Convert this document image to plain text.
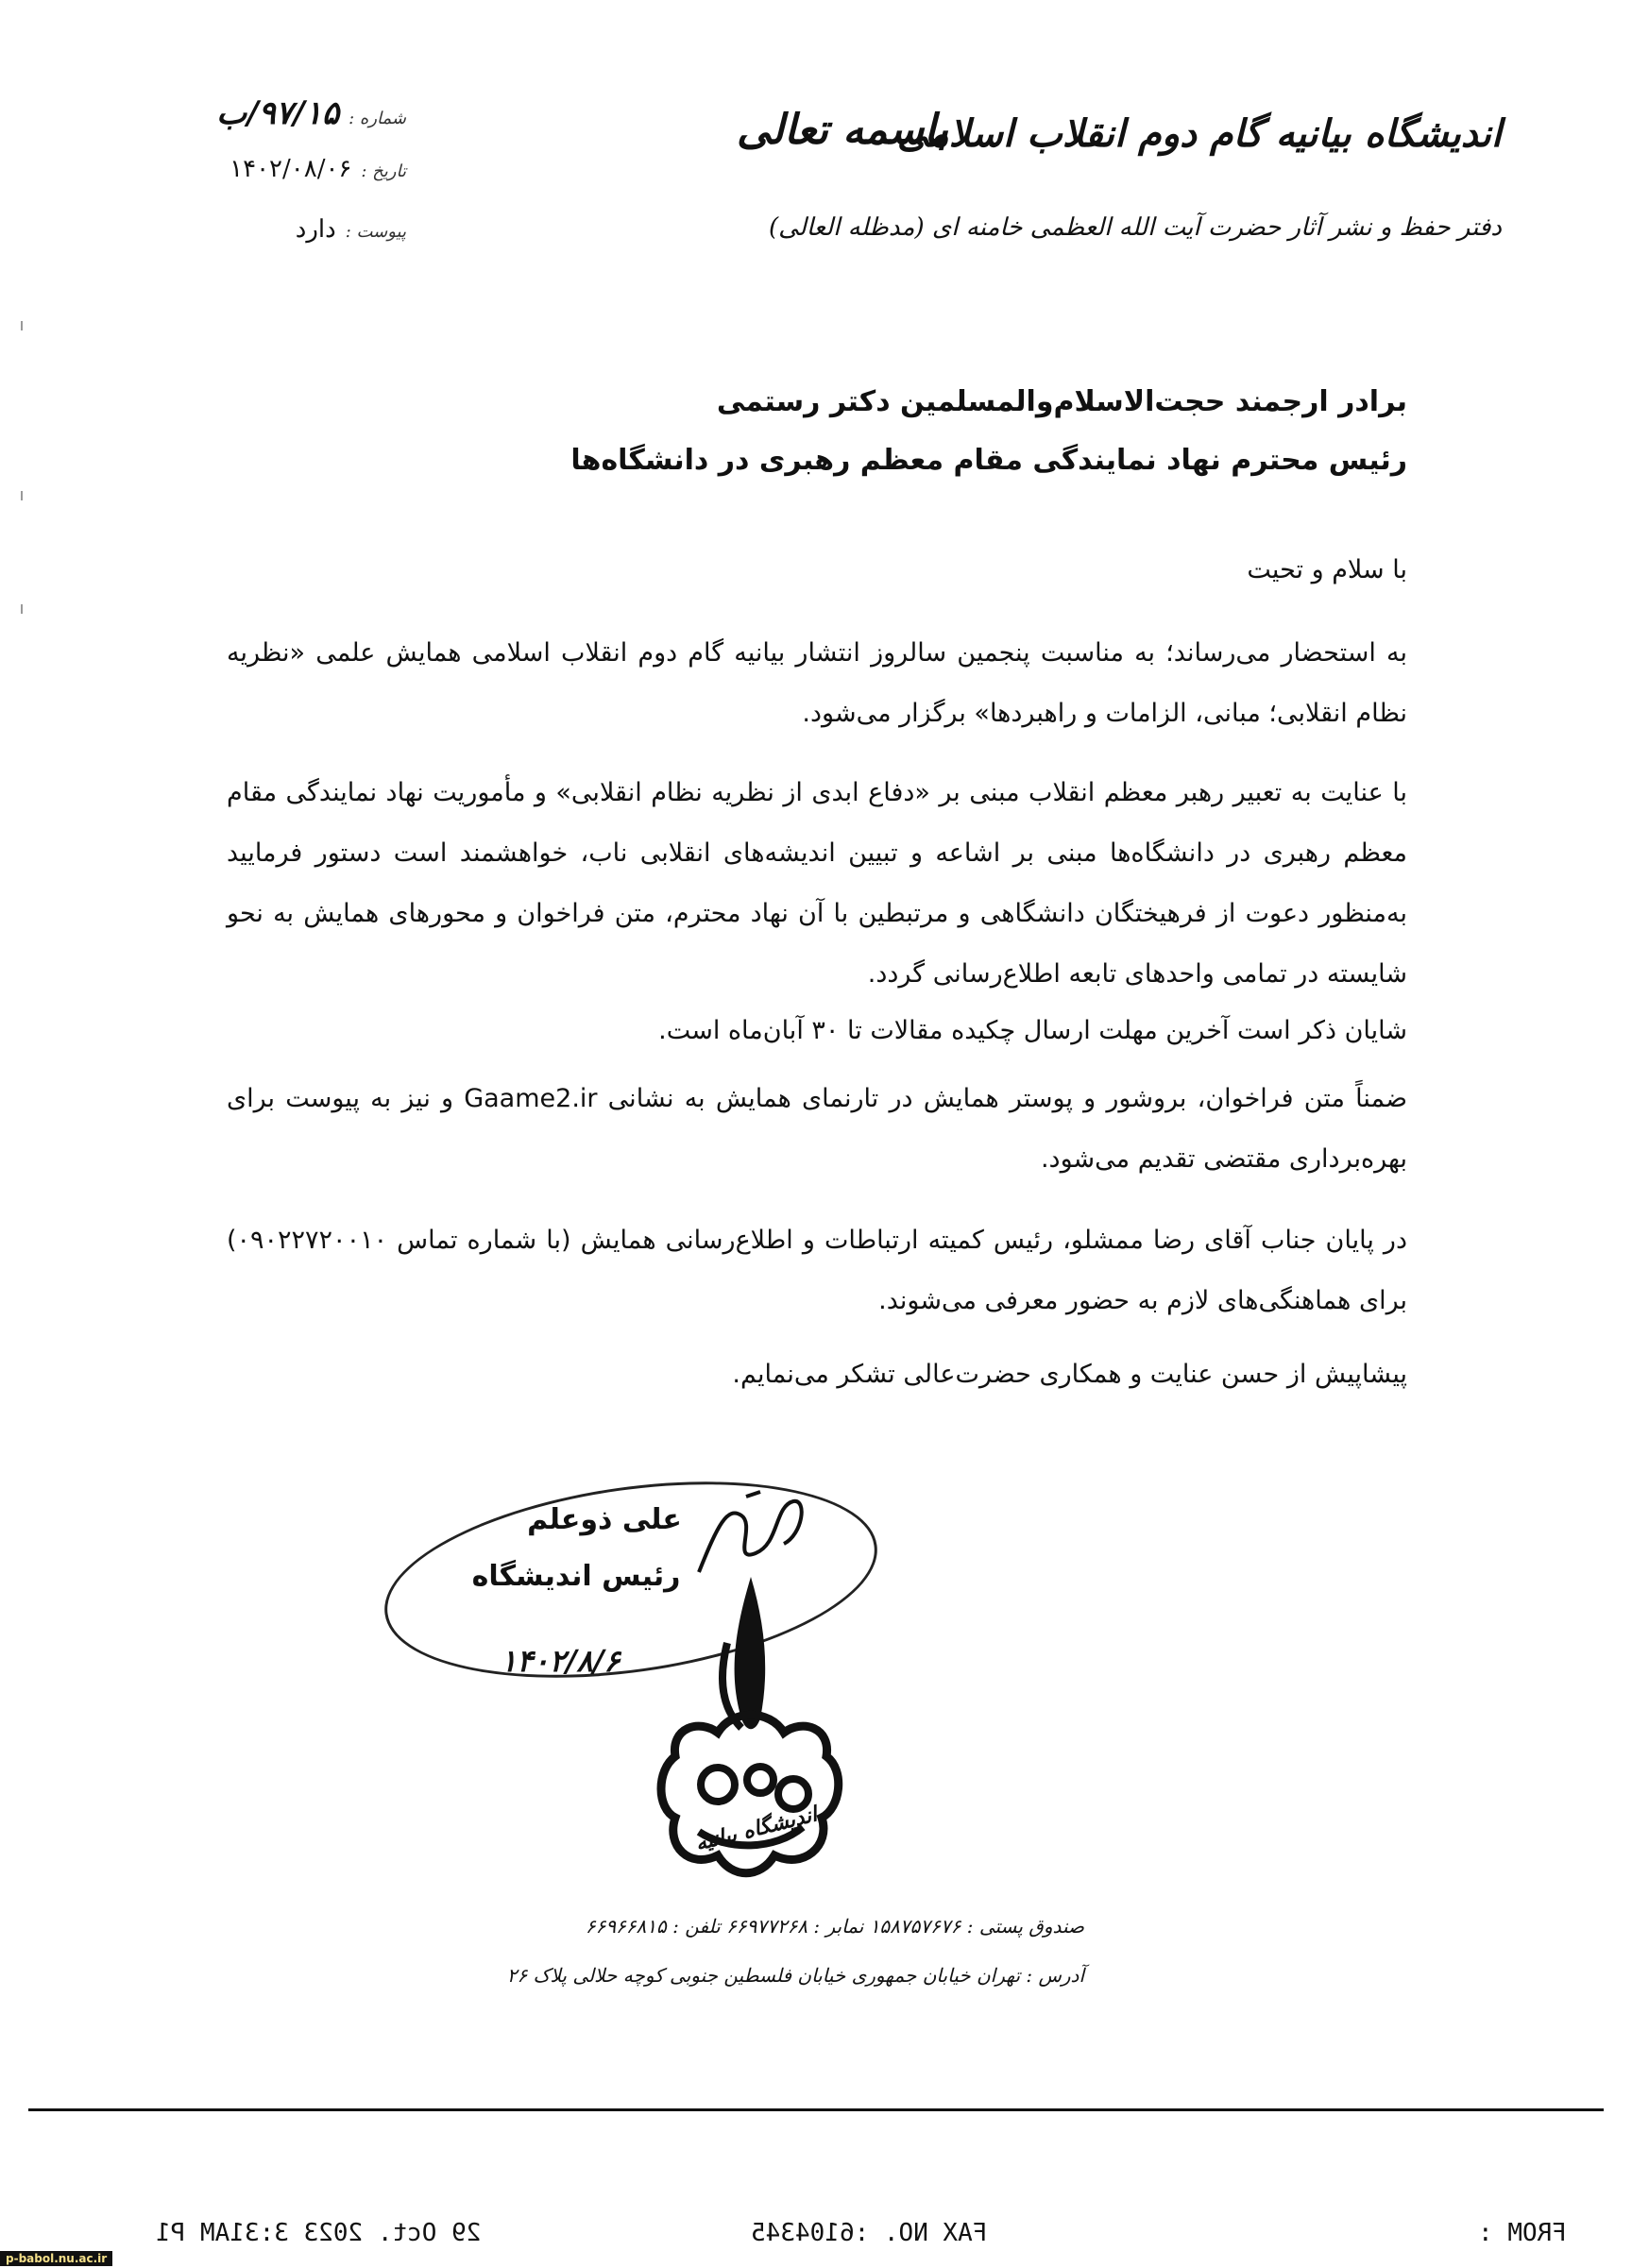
اندیشگاه بیانیه گام دوم انقلاب اسلامی
دفتر حفظ و نشر آثار حضرت آیت الله العظمی خامنه ای (مدظله العالی)
باسمه تعالی
شماره :
۹۷/۱۵/ب
تاریخ :
۱۴۰۲/۰۸/۰۶
پیوست :
دارد
برادر ارجمند حجت‌الاسلام‌والمسلمین دکتر رستمی
رئیس محترم نهاد نمایندگی مقام معظم رهبری در دانشگاه‌ها
با سلام و تحیت
به استحضار می‌رساند؛ به مناسبت پنجمین سالروز انتشار بیانیه گام دوم انقلاب اسلامی همایش علمی «نظریه نظام انقلابی؛ مبانی، الزامات و راهبردها» برگزار می‌شود.
با عنایت به تعبیر رهبر معظم انقلاب مبنی بر «دفاع ابدی از نظریه نظام انقلابی» و مأموریت نهاد نمایندگی مقام معظم رهبری در دانشگاه‌ها مبنی بر اشاعه و تبیین اندیشه‌های انقلابی ناب، خواهشمند است دستور فرمایید به‌منظور دعوت از فرهیختگان دانشگاهی و مرتبطین با آن نهاد محترم، متن فراخوان و محورهای همایش به نحو شایسته در تمامی واحدهای تابعه اطلاع‌رسانی گردد.
شایان ذکر است آخرین مهلت ارسال چکیده مقالات تا ۳۰ آبان‌ماه است.
ضمناً متن فراخوان، بروشور و پوستر همایش در تارنمای همایش به نشانی Gaame2.ir و نیز به پیوست برای بهره‌برداری مقتضی تقدیم می‌شود.
در پایان جناب آقای رضا ممشلو، رئیس کمیته ارتباطات و اطلاع‌رسانی همایش (با شماره تماس ۰۹۰۲۲۷۲۰۰۱۰) برای هماهنگی‌های لازم به حضور معرفی می‌شوند.
پیشاپیش از حسن عنایت و همکاری حضرت‌عالی تشکر می‌نمایم.
علی ذوعلم
رئیس اندیشگاه
۱۴۰۲/۸/۶
اندیشگاه بیانیه
صندوق پستی : ۱۵۸۷۵۷۶۷۶ نمابر : ۶۶۹۷۷۲۶۸ تلفن : ۶۶۹۶۶۸۱۵
آدرس : تهران خیابان جمهوری خیابان فلسطین جنوبی کوچه حلالی پلاک ۲۶
29 Oct. 2023 3:31AM P1	FAX NO. :6104345	FROM :
p-babol.nu.ac.ir
